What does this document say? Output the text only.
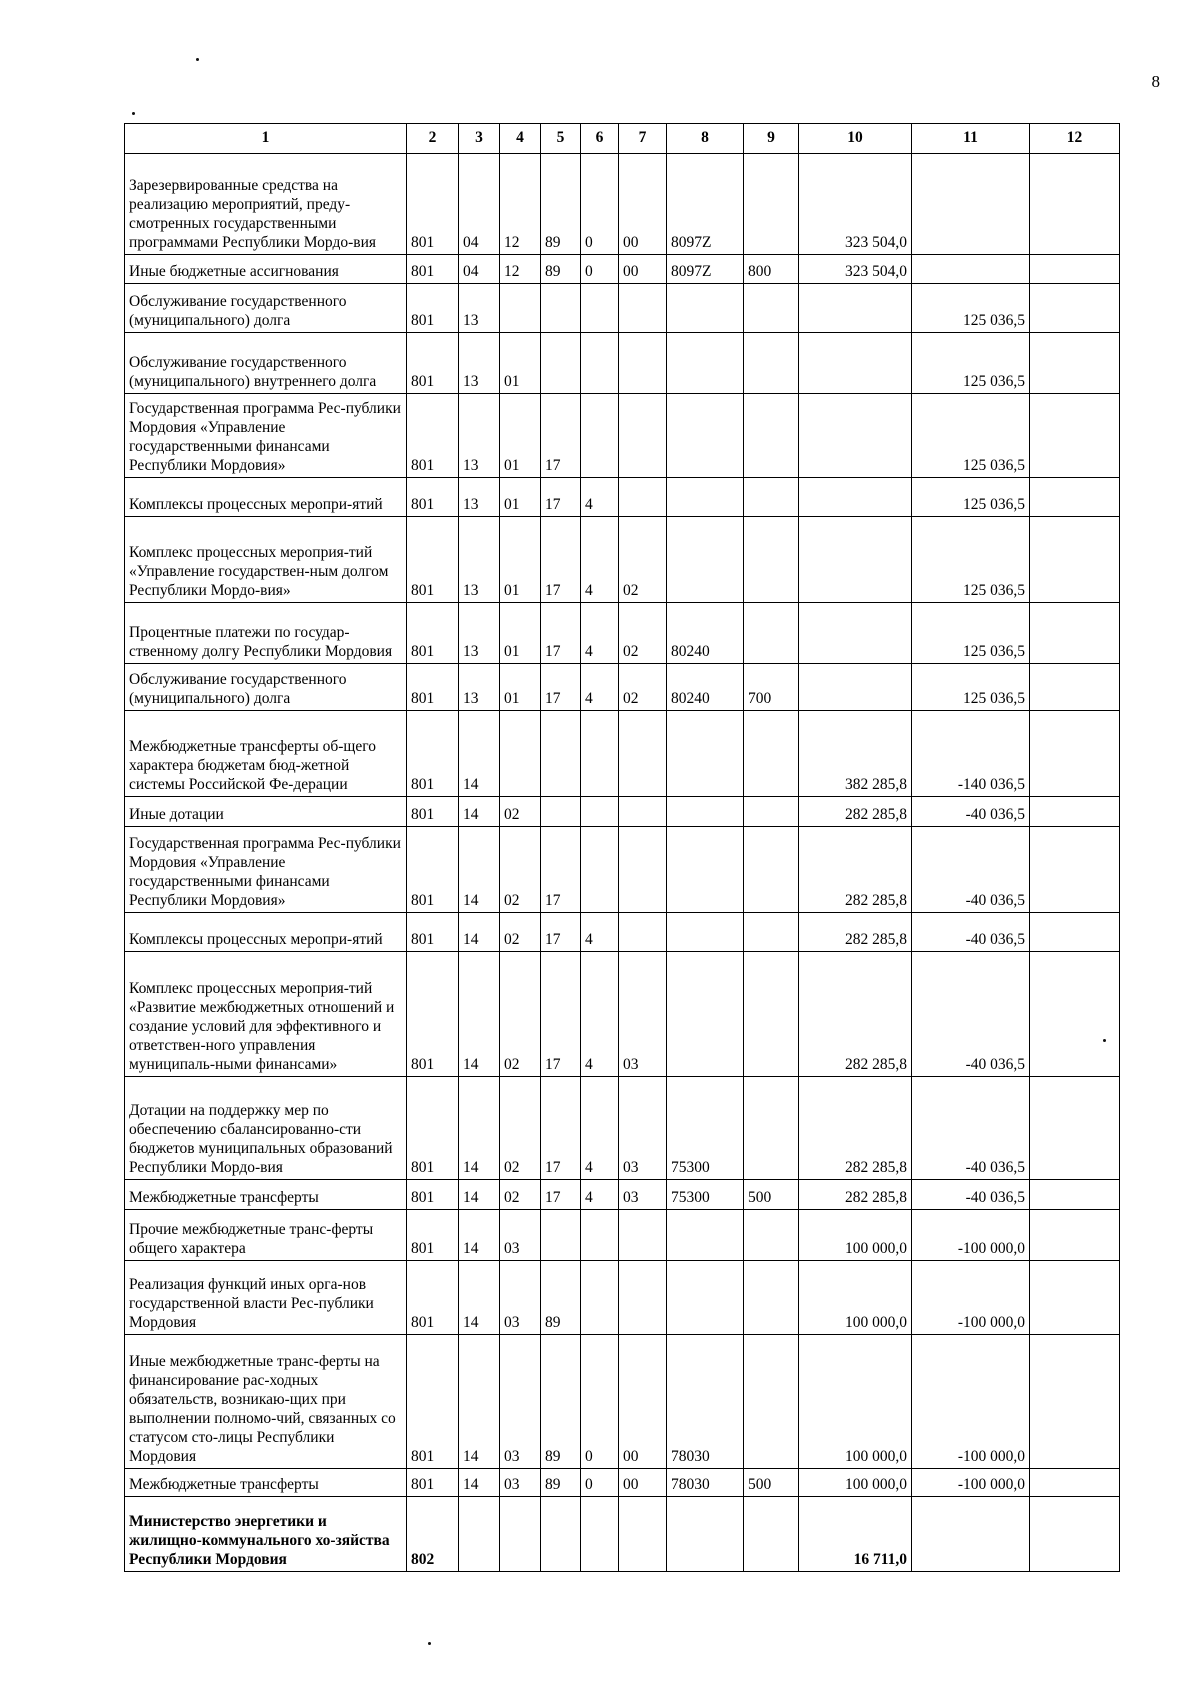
8
1	2	3	4	5	6	7	8	9	10	11	12
Зарезервированные средства на реализацию мероприятий, преду-смотренных государственными программами Республики Мордо-вия	801	04	12	89	0	00	8097Z		323 504,0		
Иные бюджетные ассигнования	801	04	12	89	0	00	8097Z	800	323 504,0		
Обслуживание государственного (муниципального) долга	801	13								125 036,5	
Обслуживание государственного (муниципального) внутреннего долга	801	13	01							125 036,5	
Государственная программа Рес-публики Мордовия «Управление государственными финансами Республики Мордовия»	801	13	01	17						125 036,5	
Комплексы процессных меропри-ятий	801	13	01	17	4					125 036,5	
Комплекс процессных мероприя-тий «Управление государствен-ным долгом Республики Мордо-вия»	801	13	01	17	4	02				125 036,5	
Процентные платежи по государ-ственному долгу Республики Мордовия	801	13	01	17	4	02	80240			125 036,5	
Обслуживание государственного (муниципального) долга	801	13	01	17	4	02	80240	700		125 036,5	
Межбюджетные трансферты об-щего характера бюджетам бюд-жетной системы Российской Фе-дерации	801	14							382 285,8	-140 036,5	
Иные дотации	801	14	02						282 285,8	-40 036,5	
Государственная программа Рес-публики Мордовия «Управление государственными финансами Республики Мордовия»	801	14	02	17					282 285,8	-40 036,5	
Комплексы процессных меропри-ятий	801	14	02	17	4				282 285,8	-40 036,5	
Комплекс процессных мероприя-тий «Развитие межбюджетных отношений и создание условий для эффективного и ответствен-ного управления муниципаль-ными финансами»	801	14	02	17	4	03			282 285,8	-40 036,5	
Дотации на поддержку мер по обеспечению сбалансированно-сти бюджетов муниципальных образований Республики Мордо-вия	801	14	02	17	4	03	75300		282 285,8	-40 036,5	
Межбюджетные трансферты	801	14	02	17	4	03	75300	500	282 285,8	-40 036,5	
Прочие межбюджетные транс-ферты общего характера	801	14	03						100 000,0	-100 000,0	
Реализация функций иных орга-нов государственной власти Рес-публики Мордовия	801	14	03	89					100 000,0	-100 000,0	
Иные межбюджетные транс-ферты на финансирование рас-ходных обязательств, возникаю-щих при выполнении полномо-чий, связанных со статусом сто-лицы Республики Мордовия	801	14	03	89	0	00	78030		100 000,0	-100 000,0	
Межбюджетные трансферты	801	14	03	89	0	00	78030	500	100 000,0	-100 000,0	
Министерство энергетики и жилищно-коммунального хо-зяйства Республики Мордовия	802								16 711,0		
